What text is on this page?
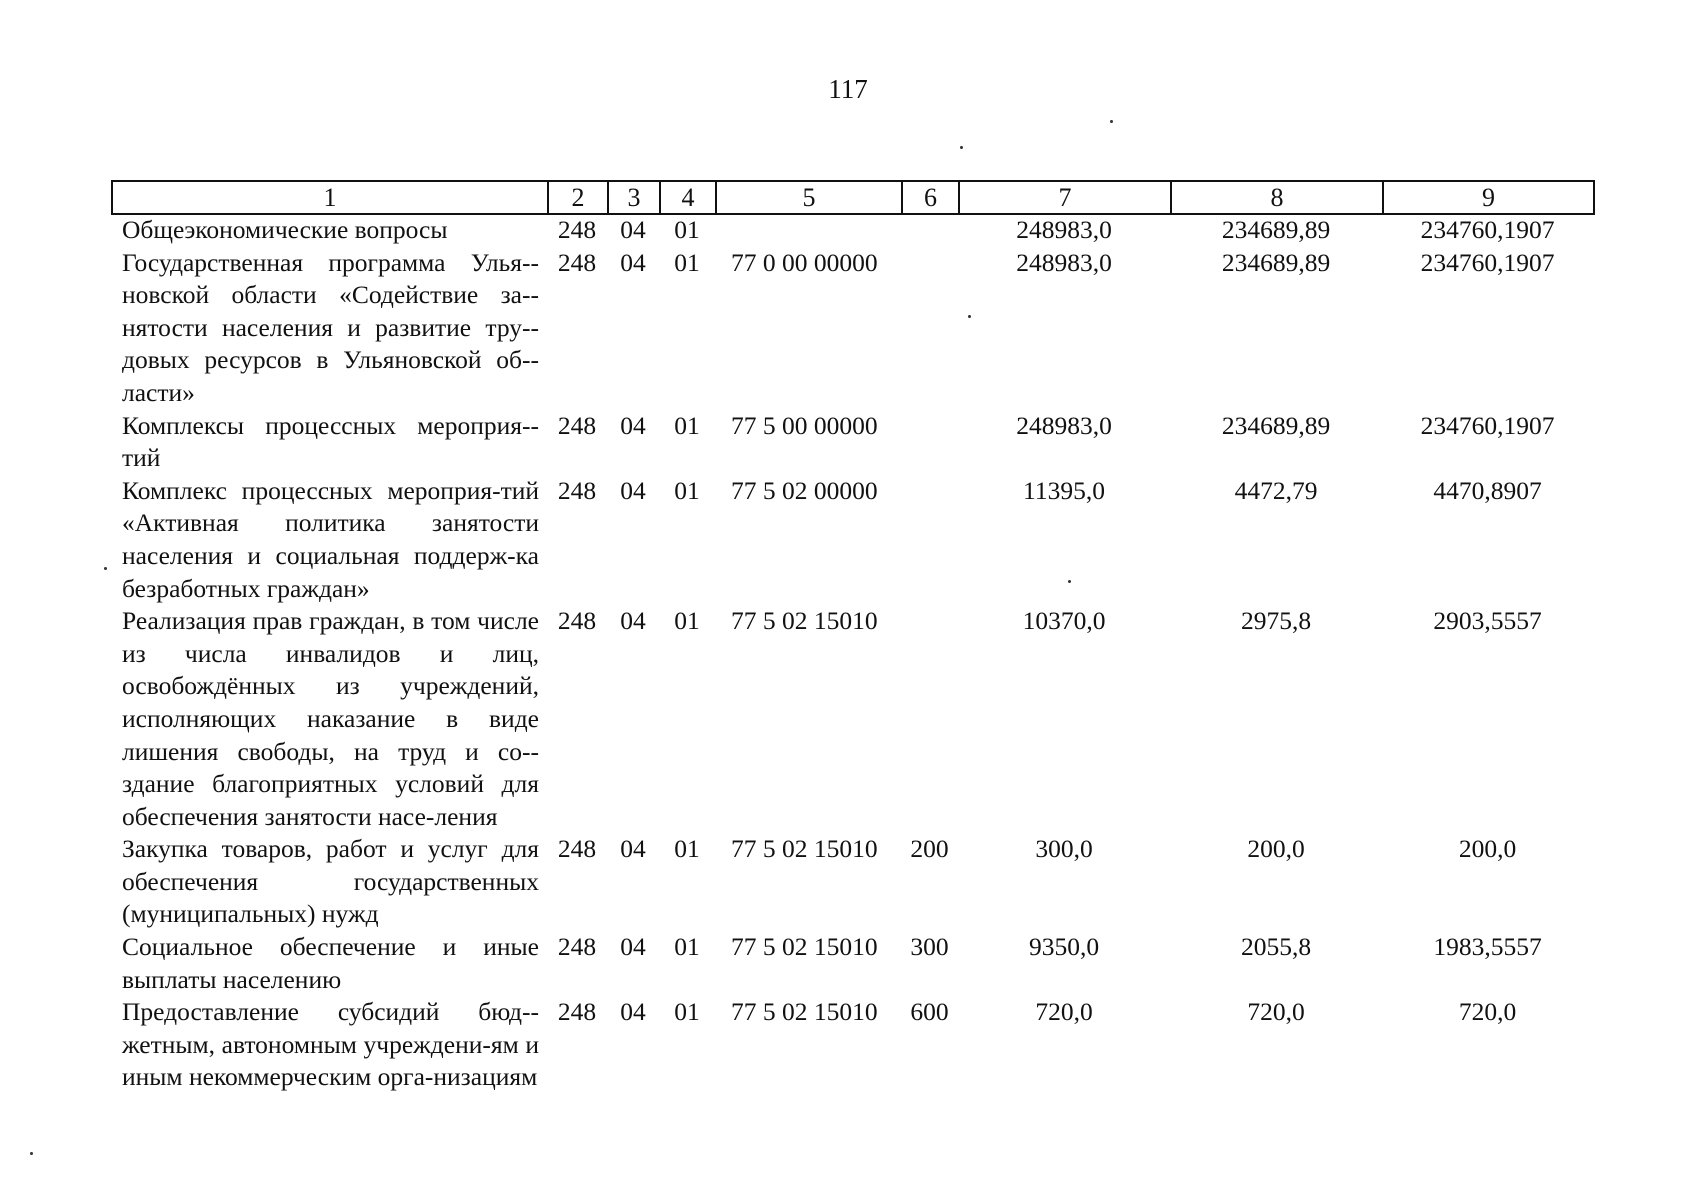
117
1	2	3	4	5	6	7	8	9
Общеэкономические вопросы	248	04	01			248983,0	234689,89	234760,1907
Государственная программа Улья-новской области «Содействие за-нятости населения и развитие тру-довых ресурсов в Ульяновской об-ласти»	248	04	01	77 0 00 00000		248983,0	234689,89	234760,1907
Комплексы процессных мероприя-тий	248	04	01	77 5 00 00000		248983,0	234689,89	234760,1907
Комплекс процессных мероприя-тий «Активная политика занятости населения и социальная поддерж-ка безработных граждан»	248	04	01	77 5 02 00000		11395,0	4472,79	4470,8907
Реализация прав граждан, в том числе из числа инвалидов и лиц, освобождённых из учреждений, исполняющих наказание в виде лишения свободы, на труд и со-здание благоприятных условий для обеспечения занятости насе-ления	248	04	01	77 5 02 15010		10370,0	2975,8	2903,5557
Закупка товаров, работ и услуг для обеспечения государственных (муниципальных) нужд	248	04	01	77 5 02 15010	200	300,0	200,0	200,0
Социальное обеспечение и иные выплаты населению	248	04	01	77 5 02 15010	300	9350,0	2055,8	1983,5557
Предоставление субсидий бюд-жетным, автономным учреждени-ям и иным некоммерческим орга-низациям	248	04	01	77 5 02 15010	600	720,0	720,0	720,0
